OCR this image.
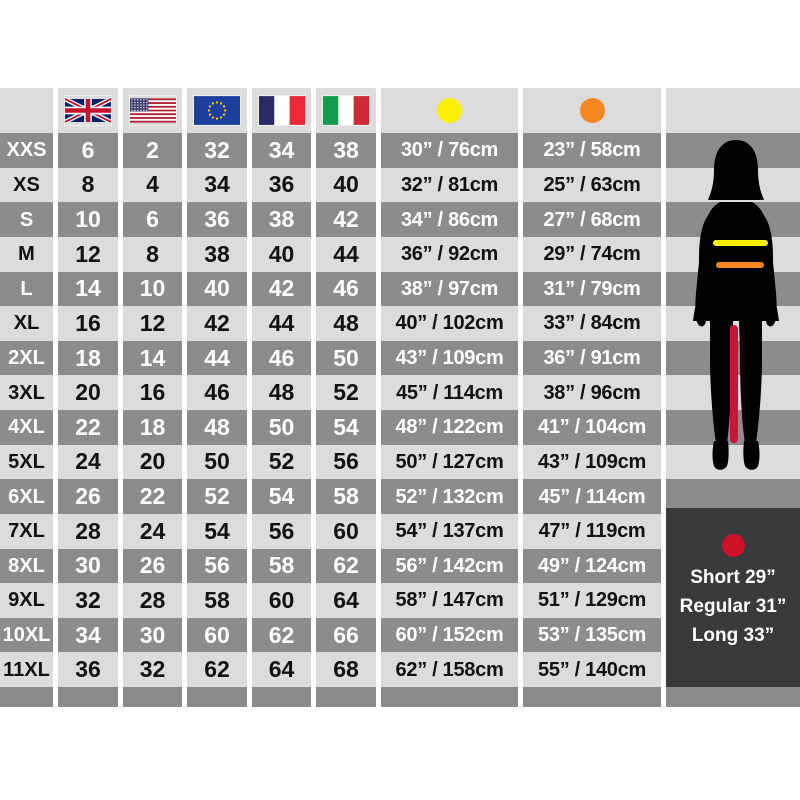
XXS	6	2	32	34	38	30” / 76cm	23” / 58cm
XS	8	4	34	36	40	32” / 81cm	25” / 63cm
S	10	6	36	38	42	34” / 86cm	27” / 68cm
M	12	8	38	40	44	36” / 92cm	29” / 74cm
L	14	10	40	42	46	38” / 97cm	31” / 79cm
XL	16	12	42	44	48	40” / 102cm	33” / 84cm
2XL	18	14	44	46	50	43” / 109cm	36” / 91cm
3XL	20	16	46	48	52	45” / 114cm	38” / 96cm
4XL	22	18	48	50	54	48” / 122cm	41” / 104cm
5XL	24	20	50	52	56	50” / 127cm	43” / 109cm
6XL	26	22	52	54	58	52” / 132cm	45” / 114cm
7XL	28	24	54	56	60	54” / 137cm	47” / 119cm
8XL	30	26	56	58	62	56” / 142cm	49” / 124cm
9XL	32	28	58	60	64	58” / 147cm	51” / 129cm
10XL	34	30	60	62	66	60” / 152cm	53” / 135cm
11XL	36	32	62	64	68	62” / 158cm	55” / 140cm

Short 29”

Regular 31”

Long 33”
